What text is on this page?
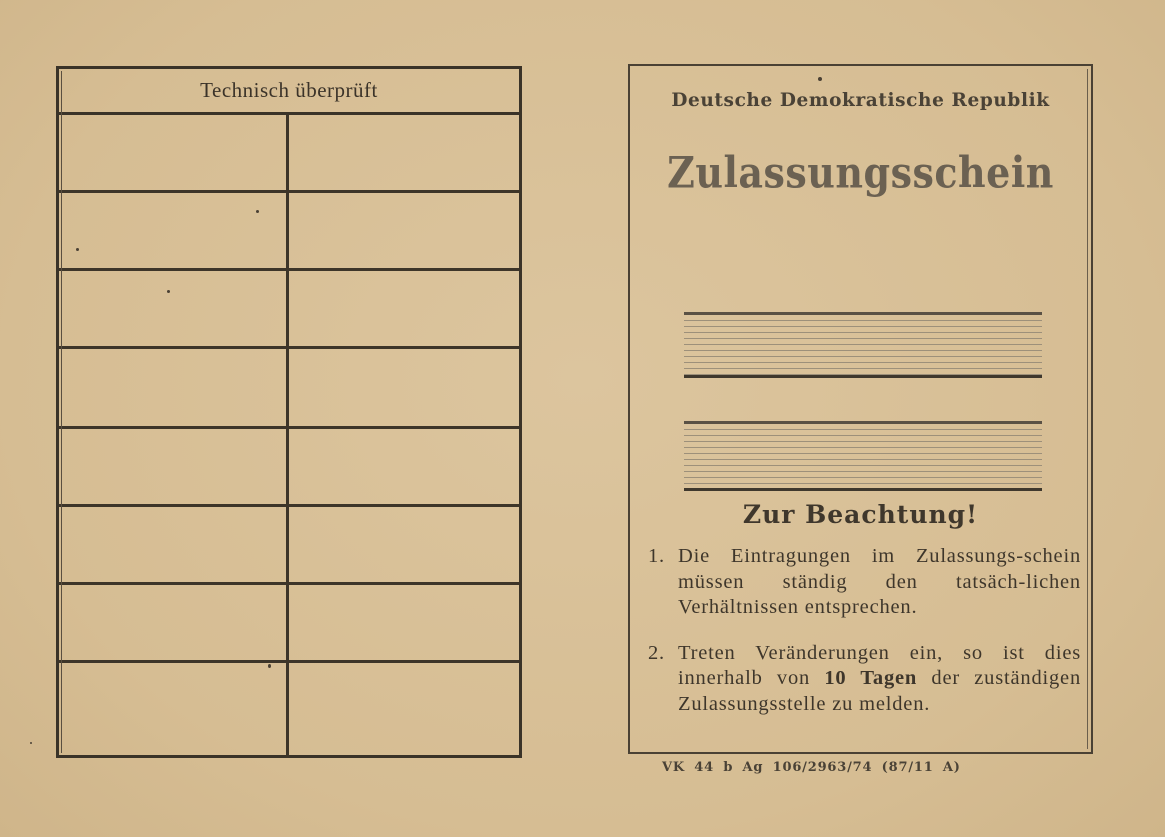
Technisch überprüft	Deutsche Demokratische Republik
Zulassungsschein
Zur Beachtung!
1. Die Eintragungen im Zulassungs-schein müssen ständig den tatsäch-lichen Verhältnissen entsprechen.
2. Treten Veränderungen ein, so ist dies innerhalb von 10 Tagen der zuständigen Zulassungsstelle zu melden.
VK 44 b Ag 106/2963/74 (87/11 A)
